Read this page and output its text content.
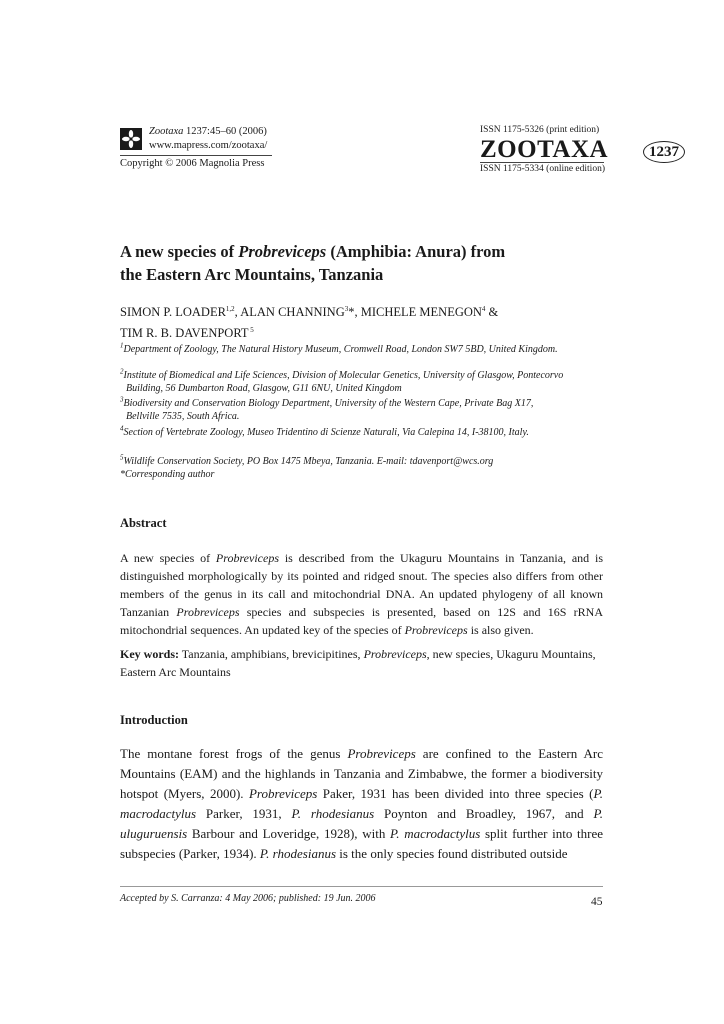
Zootaxa 1237:45–60 (2006)
www.mapress.com/zootaxa/
Copyright © 2006 Magnolia Press
ISSN 1175-5326 (print edition)
ZOOTAXA
ISSN 1175-5334 (online edition)
1237
A new species of Probreviceps (Amphibia: Anura) from
the Eastern Arc Mountains, Tanzania
SIMON P. LOADER$^{1,2}$, ALAN CHANNING$^3$*, MICHELE MENEGON$^4$ &
TIM R. B. DAVENPORT $^5$
$^1$Department of Zoology, The Natural History Museum, Cromwell Road, London SW7 5BD, United Kingdom.
$^2$Institute of Biomedical and Life Sciences, Division of Molecular Genetics, University of Glasgow, Pontecorvo
Building, 56 Dumbarton Road, Glasgow, G11 6NU, United Kingdom
$^3$Biodiversity and Conservation Biology Department, University of the Western Cape, Private Bag X17,
Bellville 7535, South Africa.
$^4$Section of Vertebrate Zoology, Museo Tridentino di Scienze Naturali, Via Calepina 14, I-38100, Italy.
$^5$Wildlife Conservation Society, PO Box 1475 Mbeya, Tanzania. E-mail: tdavenport@wcs.org
*Corresponding author
Abstract
A new species of Probreviceps is described from the Ukaguru Mountains in Tanzania, and is distinguished morphologically by its pointed and ridged snout. The species also differs from other members of the genus in its call and mitochondrial DNA. An updated phylogeny of all known Tanzanian Probreviceps species and subspecies is presented, based on 12S and 16S rRNA mitochondrial sequences. An updated key of the species of Probreviceps is also given.
Key words: Tanzania, amphibians, brevicipitines, Probreviceps, new species, Ukaguru Mountains, Eastern Arc Mountains
Introduction
The montane forest frogs of the genus Probreviceps are confined to the Eastern Arc Mountains (EAM) and the highlands in Tanzania and Zimbabwe, the former a biodiversity hotspot (Myers, 2000). Probreviceps Paker, 1931 has been divided into three species (P. macrodactylus Parker, 1931, P. rhodesianus Poynton and Broadley, 1967, and P. uluguruensis Barbour and Loveridge, 1928), with P. macrodactylus split further into three subspecies (Parker, 1934). P. rhodesianus is the only species found distributed outside
Accepted by S. Carranza: 4 May 2006; published: 19 Jun. 2006	45
